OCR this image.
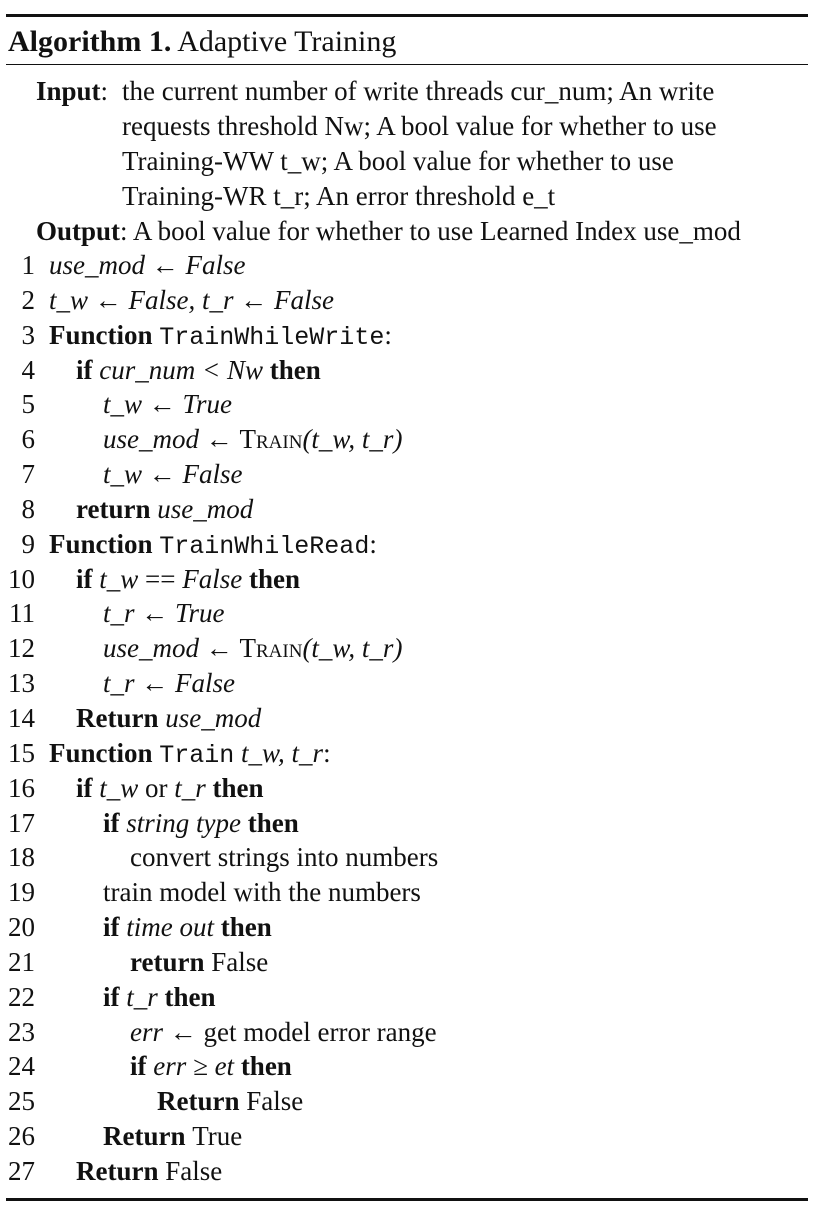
Algorithm 1. Adaptive Training
Input: the current number of write threads cur_num; An write
requests threshold Nw; A bool value for whether to use
Training-WW t_w; A bool value for whether to use
Training-WR t_r; An error threshold e_t
Output: A bool value for whether to use Learned Index use_mod
1 use_mod ← False
2 t_w ← False, t_r ← False
3 Function TrainWhileWrite:
4 if cur_num < Nw then
5	t_w ← True
6	use_mod ← Train(t_w, t_r)
7	t_w ← False
8 return use_mod
9 Function TrainWhileRead:
10 if t_w == False then
11	t_r ← True
12	use_mod ← Train(t_w, t_r)
13	t_r ← False
14 Return use_mod
15 Function Train t_w, t_r:
16 if t_w or t_r then
17	if string type then
18	convert strings into numbers
19	train model with the numbers
20	if time out then
21	return False
22	if t_r then
23	err ← get model error range
24	if err ≥ et then
25	Return False
26	Return True
27 Return False
